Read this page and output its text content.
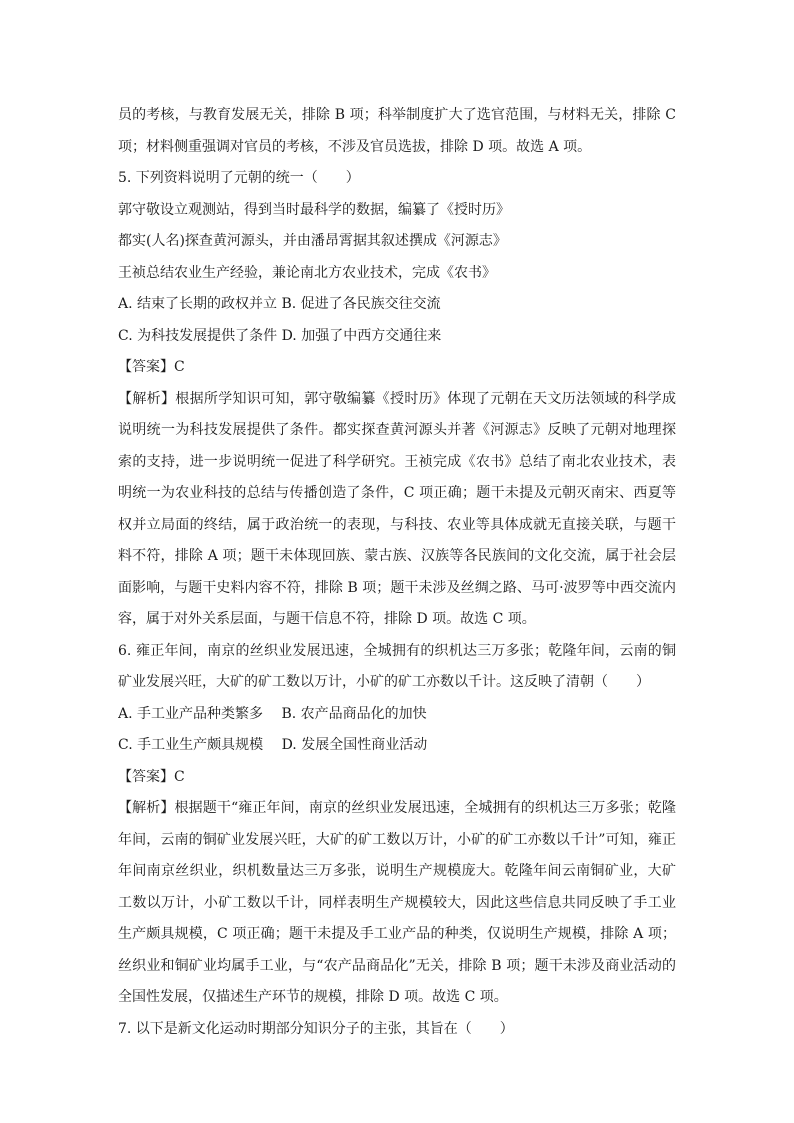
员的考核，与教育发展无关，排除 B 项；科举制度扩大了选官范围，与材料无关，排除 C
项；材料侧重强调对官员的考核，不涉及官员选拔，排除 D 项。故选 A 项。
5. 下列资料说明了元朝的统一（　　）
郭守敬设立观测站，得到当时最科学的数据，编纂了《授时历》
都实(人名)探查黄河源头，并由潘昂霄据其叙述撰成《河源志》
王祯总结农业生产经验，兼论南北方农业技术，完成《农书》
A. 结束了长期的政权并立 B. 促进了各民族交往交流
C. 为科技发展提供了条件 D. 加强了中西方交通往来
【答案】C
【解析】根据所学知识可知，郭守敬编纂《授时历》体现了元朝在天文历法领域的科学成
说明统一为科技发展提供了条件。都实探查黄河源头并著《河源志》反映了元朝对地理探
索的支持，进一步说明统一促进了科学研究。王祯完成《农书》总结了南北农业技术，表
明统一为农业科技的总结与传播创造了条件，C 项正确；题干未提及元朝灭南宋、西夏等
权并立局面的终结，属于政治统一的表现，与科技、农业等具体成就无直接关联，与题干
料不符，排除 A 项；题干未体现回族、蒙古族、汉族等各民族间的文化交流，属于社会层
面影响，与题干史料内容不符，排除 B 项；题干未涉及丝绸之路、马可·波罗等中西交流内
容，属于对外关系层面，与题干信息不符，排除 D 项。故选 C 项。
6. 雍正年间，南京的丝织业发展迅速，全城拥有的织机达三万多张；乾隆年间，云南的铜
矿业发展兴旺，大矿的矿工数以万计，小矿的矿工亦数以千计。这反映了清朝（　　）
A. 手工业产品种类繁多　 B. 农产品商品化的加快
C. 手工业生产颇具规模　 D. 发展全国性商业活动
【答案】C
【解析】根据题干“雍正年间，南京的丝织业发展迅速，全城拥有的织机达三万多张；乾隆
年间，云南的铜矿业发展兴旺，大矿的矿工数以万计，小矿的矿工亦数以千计”可知，雍正
年间南京丝织业，织机数量达三万多张，说明生产规模庞大。乾隆年间云南铜矿业，大矿
工数以万计，小矿工数以千计，同样表明生产规模较大，因此这些信息共同反映了手工业
生产颇具规模，C 项正确；题干未提及手工业产品的种类，仅说明生产规模，排除 A 项；
丝织业和铜矿业均属手工业，与“农产品商品化”无关，排除 B 项；题干未涉及商业活动的
全国性发展，仅描述生产环节的规模，排除 D 项。故选 C 项。
7. 以下是新文化运动时期部分知识分子的主张，其旨在（　　）
